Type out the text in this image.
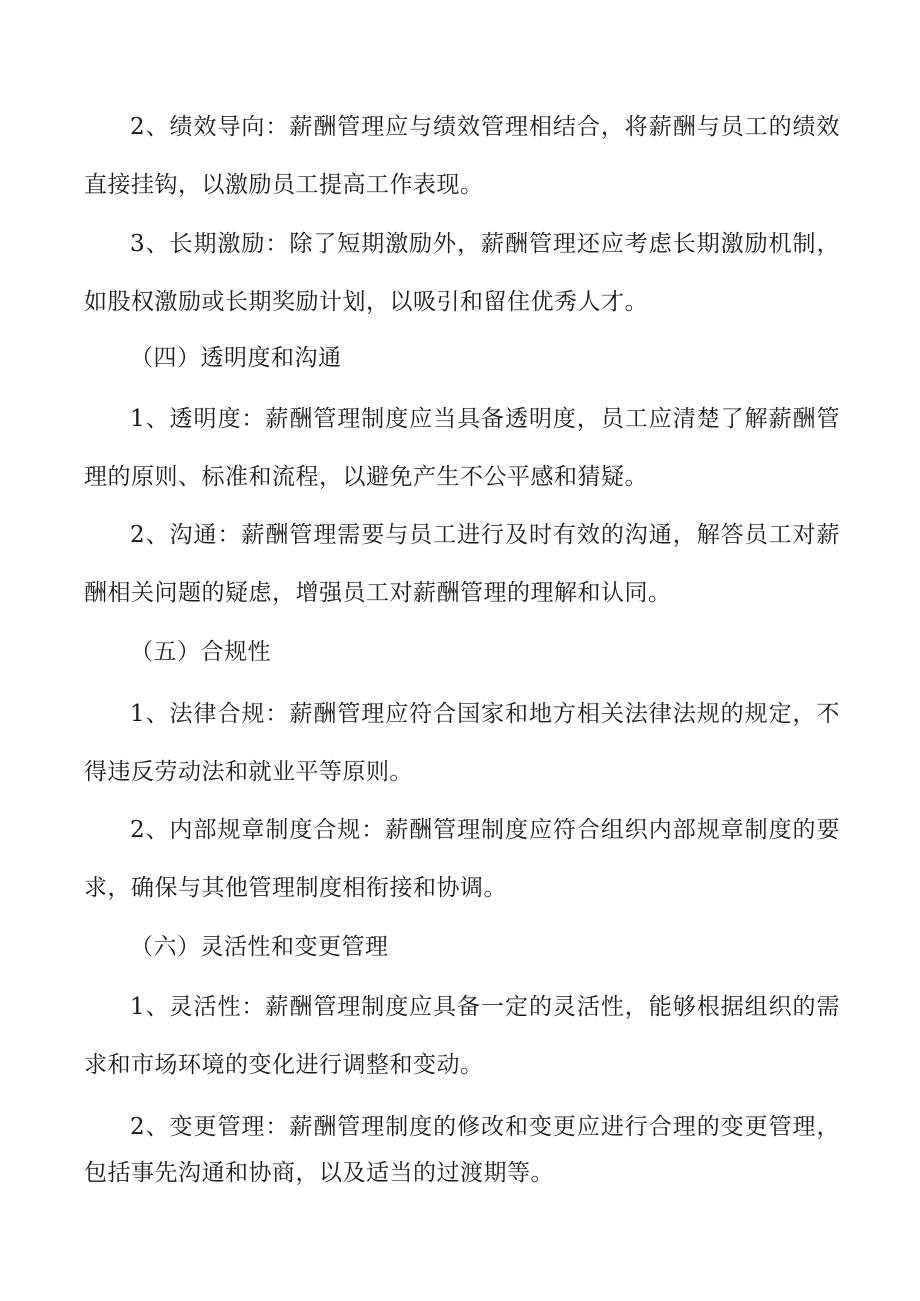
2、绩效导向：薪酬管理应与绩效管理相结合，将薪酬与员工的绩效直接挂钩，以激励员工提高工作表现。

3、长期激励：除了短期激励外，薪酬管理还应考虑长期激励机制，如股权激励或长期奖励计划，以吸引和留住优秀人才。

（四）透明度和沟通

1、透明度：薪酬管理制度应当具备透明度，员工应清楚了解薪酬管理的原则、标准和流程，以避免产生不公平感和猜疑。

2、沟通：薪酬管理需要与员工进行及时有效的沟通，解答员工对薪酬相关问题的疑虑，增强员工对薪酬管理的理解和认同。

（五）合规性

1、法律合规：薪酬管理应符合国家和地方相关法律法规的规定，不得违反劳动法和就业平等原则。

2、内部规章制度合规：薪酬管理制度应符合组织内部规章制度的要求，确保与其他管理制度相衔接和协调。

（六）灵活性和变更管理

1、灵活性：薪酬管理制度应具备一定的灵活性，能够根据组织的需求和市场环境的变化进行调整和变动。

2、变更管理：薪酬管理制度的修改和变更应进行合理的变更管理，包括事先沟通和协商，以及适当的过渡期等。
